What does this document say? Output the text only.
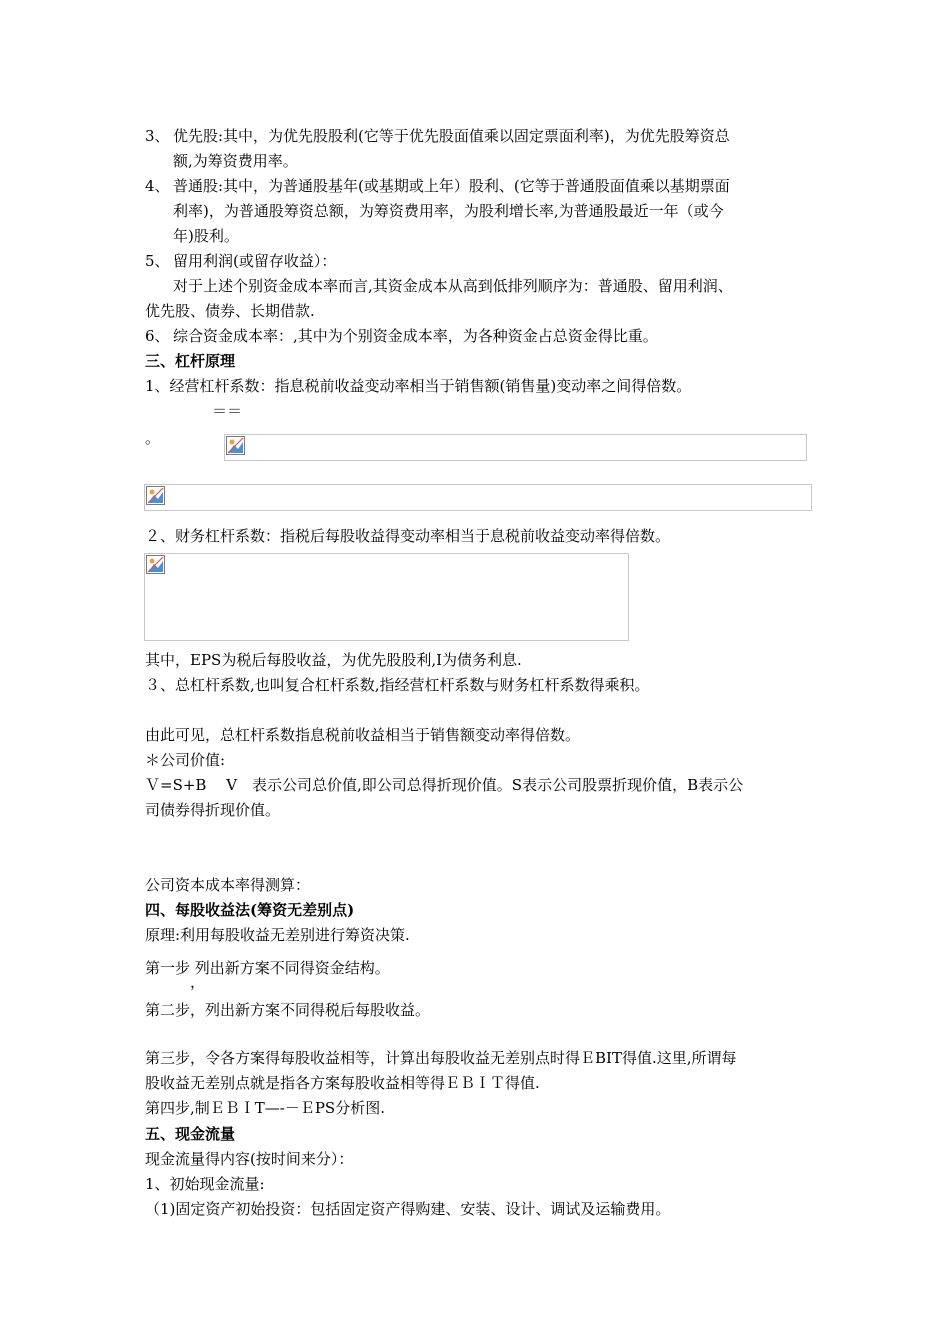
3、 优先股:其中，为优先股股利(它等于优先股面值乘以固定票面利率)，为优先股筹资总
额,为筹资费用率。
4、 普通股:其中，为普通股基年(或基期或上年）股利、(它等于普通股面值乘以基期票面
利率)，为普通股筹资总额，为筹资费用率，为股利增长率,为普通股最近一年（或今
年)股利。
5、 留用利润(或留存收益）：
对于上述个别资金成本率而言,其资金成本从高到低排列顺序为：普通股、留用利润、
优先股、债券、长期借款.
6、 综合资金成本率：,其中为个别资金成本率，为各种资金占总资金得比重。
三、杠杆原理
1、经营杠杆系数：指息税前收益变动率相当于销售额(销售量)变动率之间得倍数。
＝＝
。
２、财务杠杆系数：指税后每股收益得变动率相当于息税前收益变动率得倍数。
其中，EPS为税后每股收益，为优先股股利,I为债务利息.
３、总杠杆系数,也叫复合杠杆系数,指经营杠杆系数与财务杠杆系数得乘积。
由此可见，总杠杆系数指息税前收益相当于销售额变动率得倍数。
＊公司价值:
Ｖ=S+B　 V　表示公司总价值,即公司总得折现价值。S表示公司股票折现价值，B表示公
司债券得折现价值。
公司资本成本率得测算：
四、每股收益法(筹资无差别点)
原理:利用每股收益无差别进行筹资决策.
第一步 列出新方案不同得资金结构。
，
第二步，列出新方案不同得税后每股收益。
第三步，令各方案得每股收益相等，计算出每股收益无差别点时得ＥBIT得值.这里,所谓每
股收益无差别点就是指各方案每股收益相等得ＥＢＩＴ得值.
第四步,制ＥＢＩT—-－ＥPS分析图.
五、现金流量
现金流量得内容(按时间来分）：
1、初始现金流量:
（1)固定资产初始投资：包括固定资产得购建、安装、设计、调试及运输费用。
